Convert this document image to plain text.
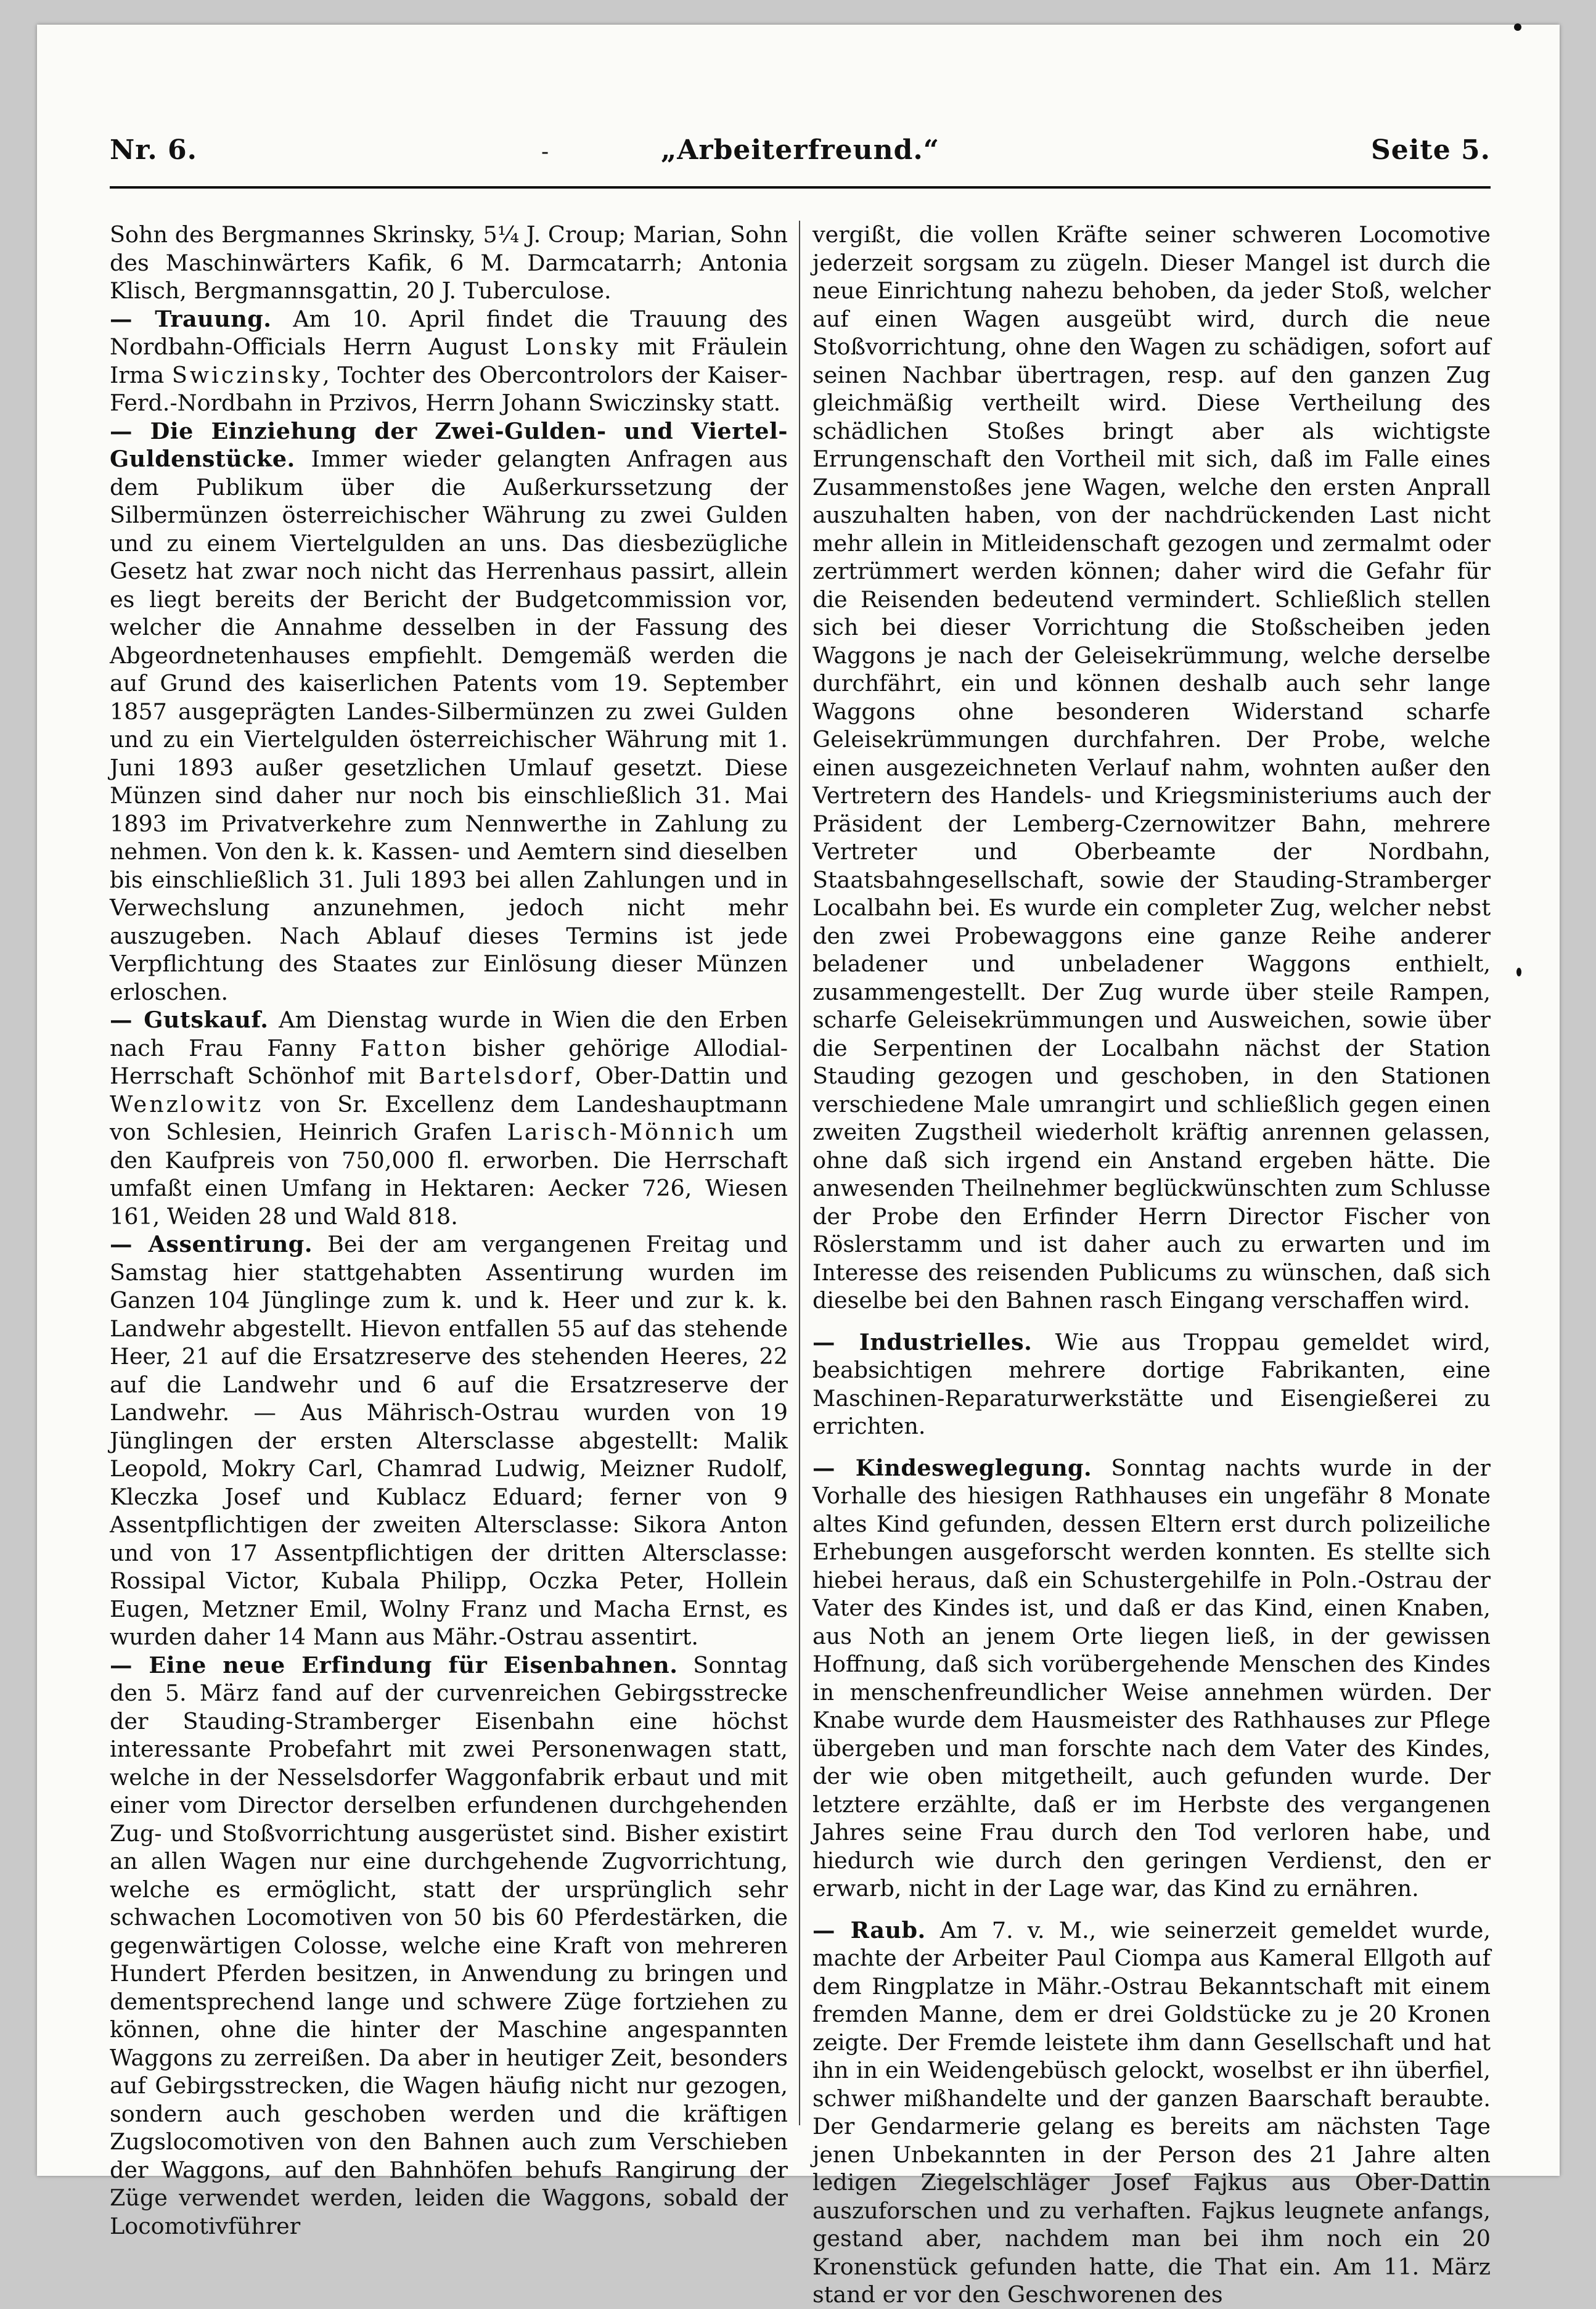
Nr. 6.	-	„Arbeiterfreund.“	Seite 5.

Sohn des Bergmannes Skrinsky, 5¼ J. Croup; Marian, Sohn des Maschinwärters Kafik, 6 M. Darmcatarrh; Antonia Klisch, Bergmannsgattin, 20 J. Tuberculose.

— Trauung. Am 10. April findet die Trauung des Nordbahn-Officials Herrn August Lonsky mit Fräulein Irma Swiczinsky, Tochter des Obercontrolors der Kaiser-Ferd.-Nordbahn in Przivos, Herrn Johann Swiczinsky statt.

— Die Einziehung der Zwei-Gulden- und Viertel-Guldenstücke. Immer wieder gelangten Anfragen aus dem Publikum über die Außerkurssetzung der Silbermünzen österreichischer Währung zu zwei Gulden und zu einem Viertelgulden an uns. Das diesbezügliche Gesetz hat zwar noch nicht das Herrenhaus passirt, allein es liegt bereits der Bericht der Budgetcommission vor, welcher die Annahme desselben in der Fassung des Abgeordnetenhauses empfiehlt. Demgemäß werden die auf Grund des kaiserlichen Patents vom 19. September 1857 ausgeprägten Landes-Silbermünzen zu zwei Gulden und zu ein Viertelgulden österreichischer Währung mit 1. Juni 1893 außer gesetzlichen Umlauf gesetzt. Diese Münzen sind daher nur noch bis einschließlich 31. Mai 1893 im Privatverkehre zum Nennwerthe in Zahlung zu nehmen. Von den k. k. Kassen- und Aemtern sind dieselben bis einschließlich 31. Juli 1893 bei allen Zahlungen und in Verwechslung anzunehmen, jedoch nicht mehr auszugeben. Nach Ablauf dieses Termins ist jede Verpflichtung des Staates zur Einlösung dieser Münzen erloschen.

— Gutskauf. Am Dienstag wurde in Wien die den Erben nach Frau Fanny Fatton bisher gehörige Allodial-Herrschaft Schönhof mit Bartelsdorf, Ober-Dattin und Wenzlowitz von Sr. Excellenz dem Landeshauptmann von Schlesien, Heinrich Grafen Larisch-Mönnich um den Kaufpreis von 750,000 fl. erworben. Die Herrschaft umfaßt einen Umfang in Hektaren: Aecker 726, Wiesen 161, Weiden 28 und Wald 818.

— Assentirung. Bei der am vergangenen Freitag und Samstag hier stattgehabten Assentirung wurden im Ganzen 104 Jünglinge zum k. und k. Heer und zur k. k. Landwehr abgestellt. Hievon entfallen 55 auf das stehende Heer, 21 auf die Ersatzreserve des stehenden Heeres, 22 auf die Landwehr und 6 auf die Ersatzreserve der Landwehr. — Aus Mährisch-Ostrau wurden von 19 Jünglingen der ersten Altersclasse abgestellt: Malik Leopold, Mokry Carl, Chamrad Ludwig, Meizner Rudolf, Kleczka Josef und Kublacz Eduard; ferner von 9 Assentpflichtigen der zweiten Altersclasse: Sikora Anton und von 17 Assentpflichtigen der dritten Altersclasse: Rossipal Victor, Kubala Philipp, Oczka Peter, Hollein Eugen, Metzner Emil, Wolny Franz und Macha Ernst, es wurden daher 14 Mann aus Mähr.-Ostrau assentirt.

— Eine neue Erfindung für Eisenbahnen. Sonntag den 5. März fand auf der curvenreichen Gebirgsstrecke der Stauding-Stramberger Eisenbahn eine höchst interessante Probefahrt mit zwei Personenwagen statt, welche in der Nesselsdorfer Waggonfabrik erbaut und mit einer vom Director derselben erfundenen durchgehenden Zug- und Stoßvorrichtung ausgerüstet sind. Bisher existirt an allen Wagen nur eine durchgehende Zugvorrichtung, welche es ermöglicht, statt der ursprünglich sehr schwachen Locomotiven von 50 bis 60 Pferdestärken, die gegenwärtigen Colosse, welche eine Kraft von mehreren Hundert Pferden besitzen, in Anwendung zu bringen und dementsprechend lange und schwere Züge fortziehen zu können, ohne die hinter der Maschine angespannten Waggons zu zerreißen. Da aber in heutiger Zeit, besonders auf Gebirgsstrecken, die Wagen häufig nicht nur gezogen, sondern auch geschoben werden und die kräftigen Zugslocomotiven von den Bahnen auch zum Verschieben der Waggons, auf den Bahnhöfen behufs Rangirung der Züge verwendet werden, leiden die Waggons, sobald der Locomotivführer

vergißt, die vollen Kräfte seiner schweren Locomotive jederzeit sorgsam zu zügeln. Dieser Mangel ist durch die neue Einrichtung nahezu behoben, da jeder Stoß, welcher auf einen Wagen ausgeübt wird, durch die neue Stoßvorrichtung, ohne den Wagen zu schädigen, sofort auf seinen Nachbar übertragen, resp. auf den ganzen Zug gleichmäßig vertheilt wird. Diese Vertheilung des schädlichen Stoßes bringt aber als wichtigste Errungenschaft den Vortheil mit sich, daß im Falle eines Zusammenstoßes jene Wagen, welche den ersten Anprall auszuhalten haben, von der nachdrückenden Last nicht mehr allein in Mitleidenschaft gezogen und zermalmt oder zertrümmert werden können; daher wird die Gefahr für die Reisenden bedeutend vermindert. Schließlich stellen sich bei dieser Vorrichtung die Stoßscheiben jeden Waggons je nach der Geleisekrümmung, welche derselbe durchfährt, ein und können deshalb auch sehr lange Waggons ohne besonderen Widerstand scharfe Geleisekrümmungen durchfahren. Der Probe, welche einen ausgezeichneten Verlauf nahm, wohnten außer den Vertretern des Handels- und Kriegsministeriums auch der Präsident der Lemberg-Czernowitzer Bahn, mehrere Vertreter und Oberbeamte der Nordbahn, Staatsbahngesellschaft, sowie der Stauding-Stramberger Localbahn bei. Es wurde ein completer Zug, welcher nebst den zwei Probewaggons eine ganze Reihe anderer beladener und unbeladener Waggons enthielt, zusammengestellt. Der Zug wurde über steile Rampen, scharfe Geleisekrümmungen und Ausweichen, sowie über die Serpentinen der Localbahn nächst der Station Stauding gezogen und geschoben, in den Stationen verschiedene Male umrangirt und schließlich gegen einen zweiten Zugstheil wiederholt kräftig anrennen gelassen, ohne daß sich irgend ein Anstand ergeben hätte. Die anwesenden Theilnehmer beglückwünschten zum Schlusse der Probe den Erfinder Herrn Director Fischer von Röslerstamm und ist daher auch zu erwarten und im Interesse des reisenden Publicums zu wünschen, daß sich dieselbe bei den Bahnen rasch Eingang verschaffen wird.

— Industrielles. Wie aus Troppau gemeldet wird, beabsichtigen mehrere dortige Fabrikanten, eine Maschinen-Reparaturwerkstätte und Eisengießerei zu errichten.

— Kindesweglegung. Sonntag nachts wurde in der Vorhalle des hiesigen Rathhauses ein ungefähr 8 Monate altes Kind gefunden, dessen Eltern erst durch polizeiliche Erhebungen ausgeforscht werden konnten. Es stellte sich hiebei heraus, daß ein Schustergehilfe in Poln.-Ostrau der Vater des Kindes ist, und daß er das Kind, einen Knaben, aus Noth an jenem Orte liegen ließ, in der gewissen Hoffnung, daß sich vorübergehende Menschen des Kindes in menschenfreundlicher Weise annehmen würden. Der Knabe wurde dem Hausmeister des Rathhauses zur Pflege übergeben und man forschte nach dem Vater des Kindes, der wie oben mitgetheilt, auch gefunden wurde. Der letztere erzählte, daß er im Herbste des vergangenen Jahres seine Frau durch den Tod verloren habe, und hiedurch wie durch den geringen Verdienst, den er erwarb, nicht in der Lage war, das Kind zu ernähren.

— Raub. Am 7. v. M., wie seinerzeit gemeldet wurde, machte der Arbeiter Paul Ciompa aus Kameral Ellgoth auf dem Ringplatze in Mähr.-Ostrau Bekanntschaft mit einem fremden Manne, dem er drei Goldstücke zu je 20 Kronen zeigte. Der Fremde leistete ihm dann Gesellschaft und hat ihn in ein Weidengebüsch gelockt, woselbst er ihn überfiel, schwer mißhandelte und der ganzen Baarschaft beraubte. Der Gendarmerie gelang es bereits am nächsten Tage jenen Unbekannten in der Person des 21 Jahre alten ledigen Ziegelschläger Josef Fajkus aus Ober-Dattin auszuforschen und zu verhaften. Fajkus leugnete anfangs, gestand aber, nachdem man bei ihm noch ein 20 Kronenstück gefunden hatte, die That ein. Am 11. März stand er vor den Geschworenen des
